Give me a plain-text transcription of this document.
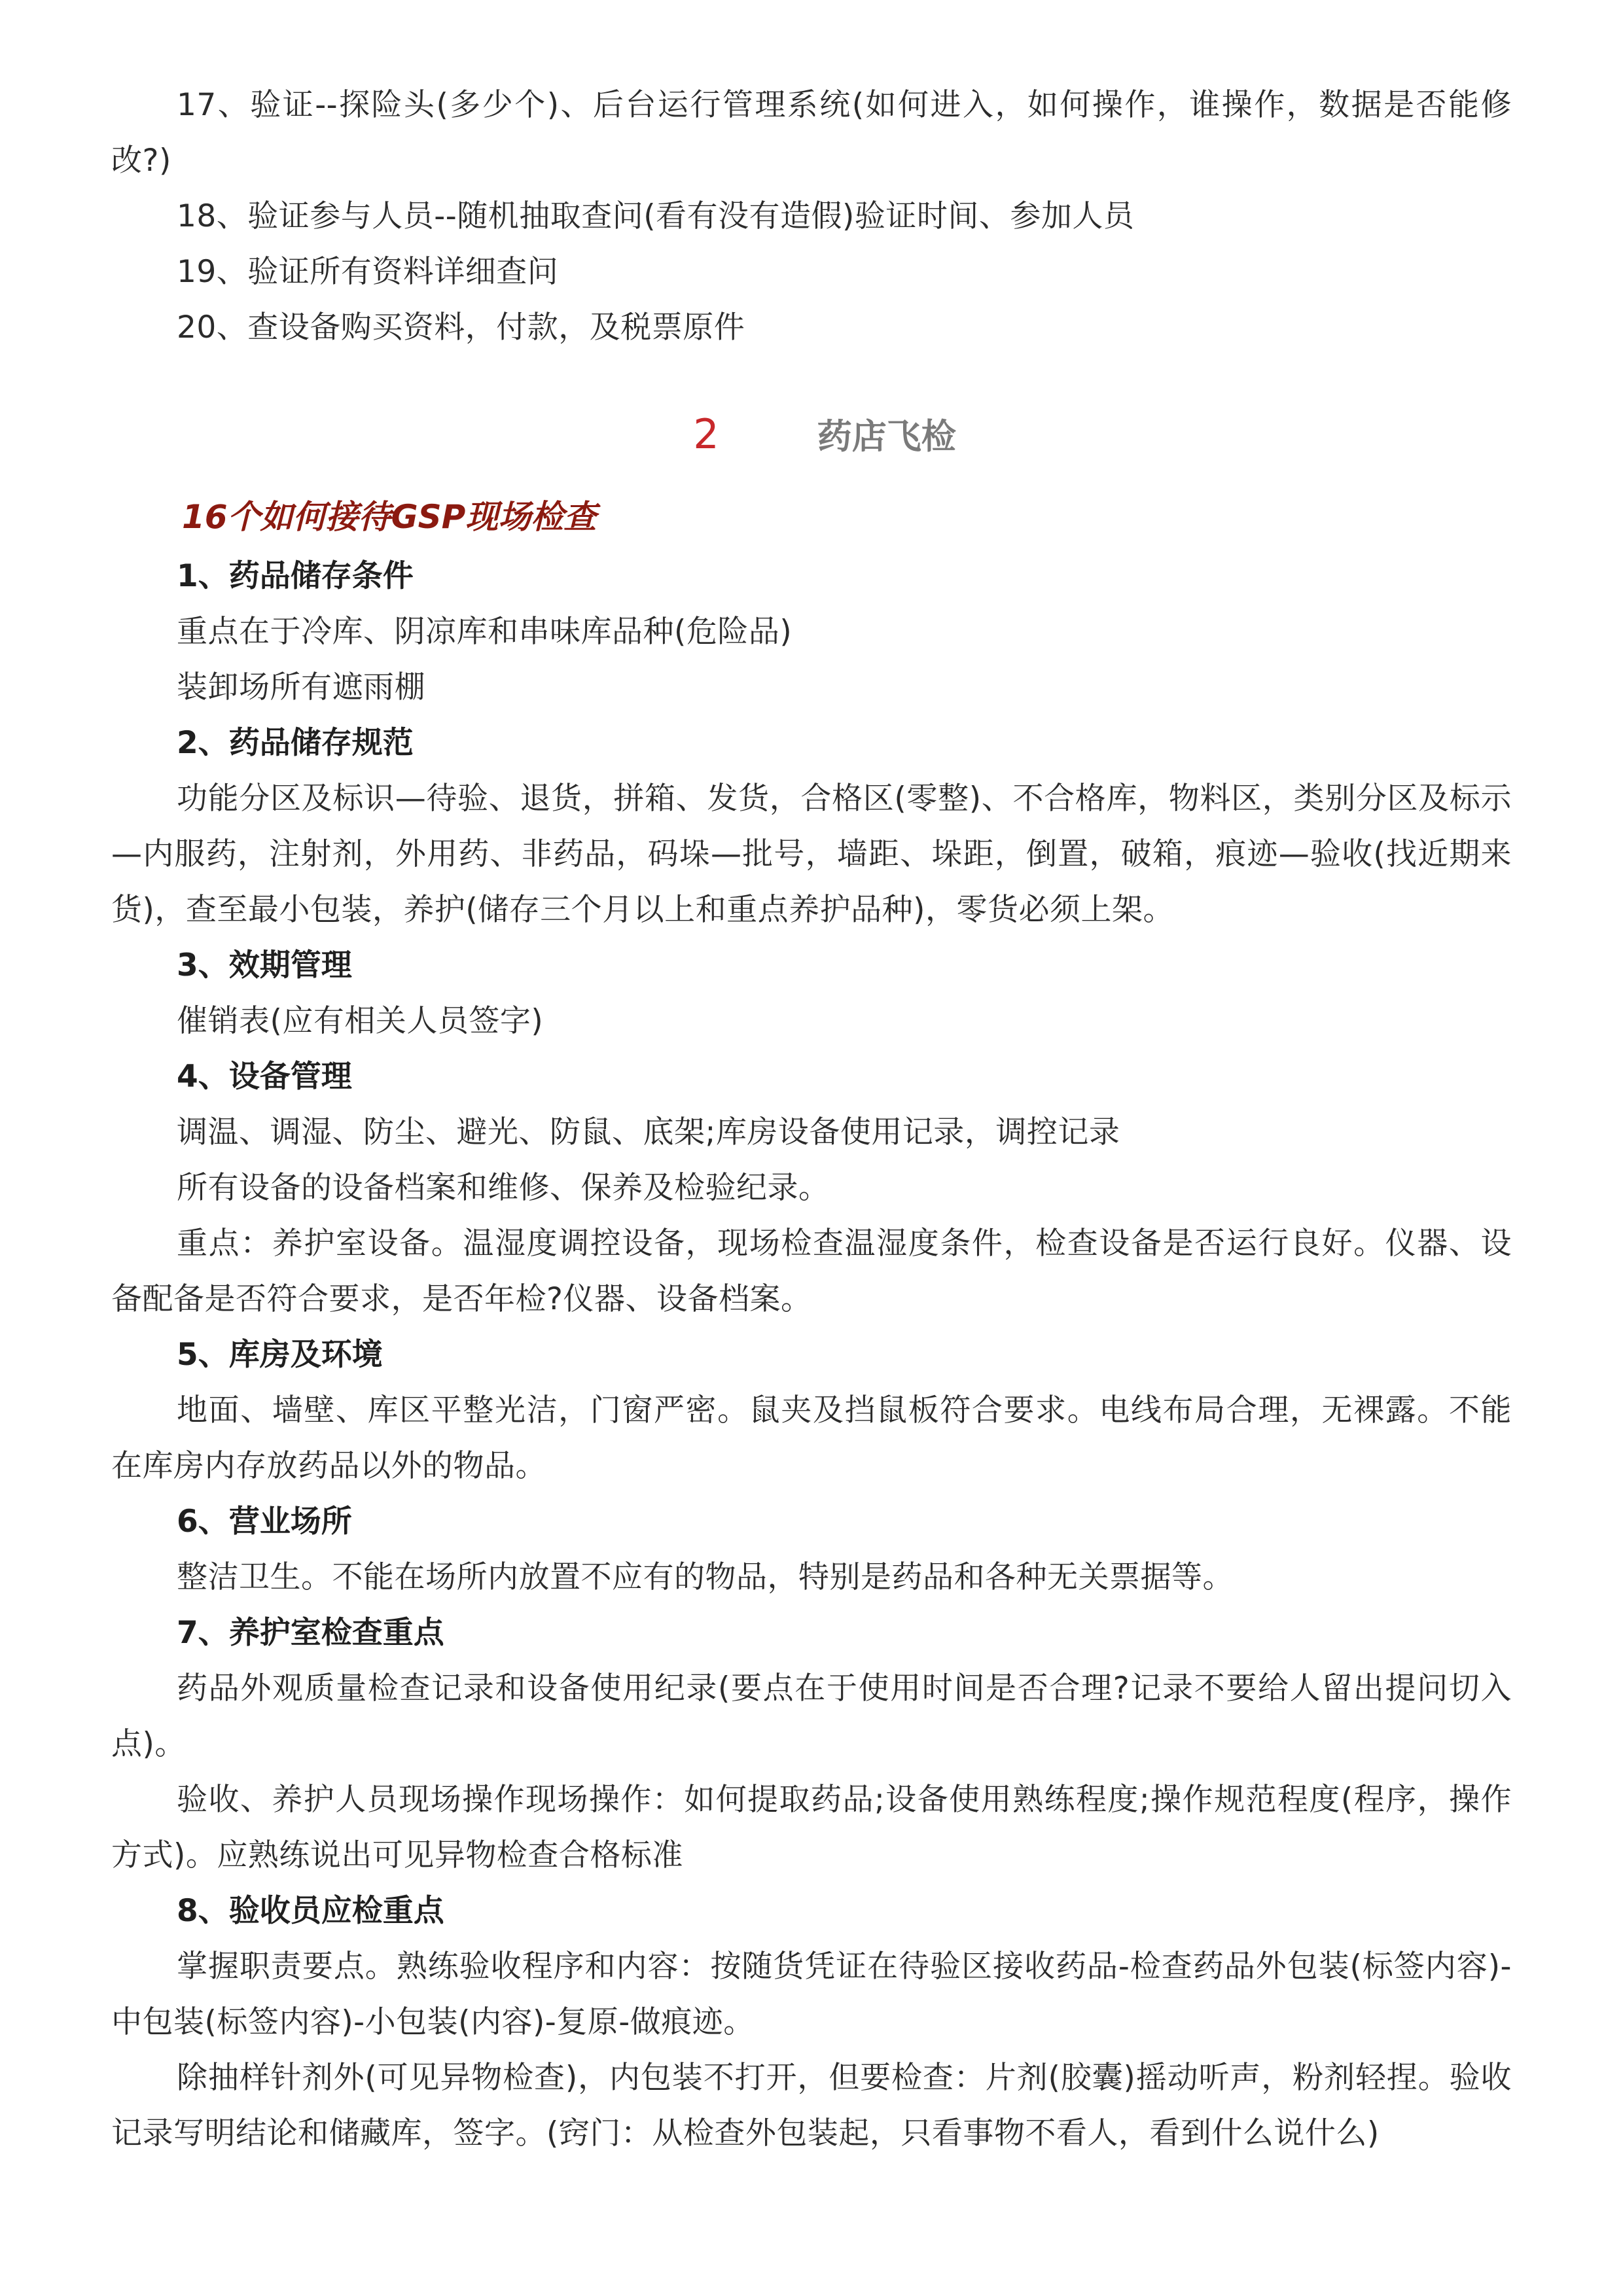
17、验证--探险头(多少个)、后台运行管理系统(如何进入，如何操作，谁操作，数据是否能修改?)

18、验证参与人员--随机抽取查问(看有没有造假)验证时间、参加人员

19、验证所有资料详细查问

20、查设备购买资料，付款，及税票原件

2	药店飞检

16个如何接待GSP现场检查

1、药品储存条件

重点在于冷库、阴凉库和串味库品种(危险品)

装卸场所有遮雨棚

2、药品储存规范

功能分区及标识—待验、退货，拼箱、发货，合格区(零整)、不合格库，物料区，类别分区及标示—内服药，注射剂，外用药、非药品，码垛—批号，墙距、垛距，倒置，破箱，痕迹—验收(找近期来货)，查至最小包装，养护(储存三个月以上和重点养护品种)，零货必须上架。

3、效期管理

催销表(应有相关人员签字)

4、设备管理

调温、调湿、防尘、避光、防鼠、底架;库房设备使用记录，调控记录

所有设备的设备档案和维修、保养及检验纪录。

重点：养护室设备。温湿度调控设备，现场检查温湿度条件，检查设备是否运行良好。仪器、设备配备是否符合要求，是否年检?仪器、设备档案。

5、库房及环境

地面、墙壁、库区平整光洁，门窗严密。鼠夹及挡鼠板符合要求。电线布局合理，无裸露。不能在库房内存放药品以外的物品。

6、营业场所

整洁卫生。不能在场所内放置不应有的物品，特别是药品和各种无关票据等。

7、养护室检查重点

药品外观质量检查记录和设备使用纪录(要点在于使用时间是否合理?记录不要给人留出提问切入点)。

验收、养护人员现场操作现场操作：如何提取药品;设备使用熟练程度;操作规范程度(程序，操作方式)。应熟练说出可见异物检查合格标准

8、验收员应检重点

掌握职责要点。熟练验收程序和内容：按随货凭证在待验区接收药品-检查药品外包装(标签内容)-中包装(标签内容)-小包装(内容)-复原-做痕迹。

除抽样针剂外(可见异物检查)，内包装不打开，但要检查：片剂(胶囊)摇动听声，粉剂轻捏。验收记录写明结论和储藏库，签字。(窍门：从检查外包装起，只看事物不看人，看到什么说什么)
